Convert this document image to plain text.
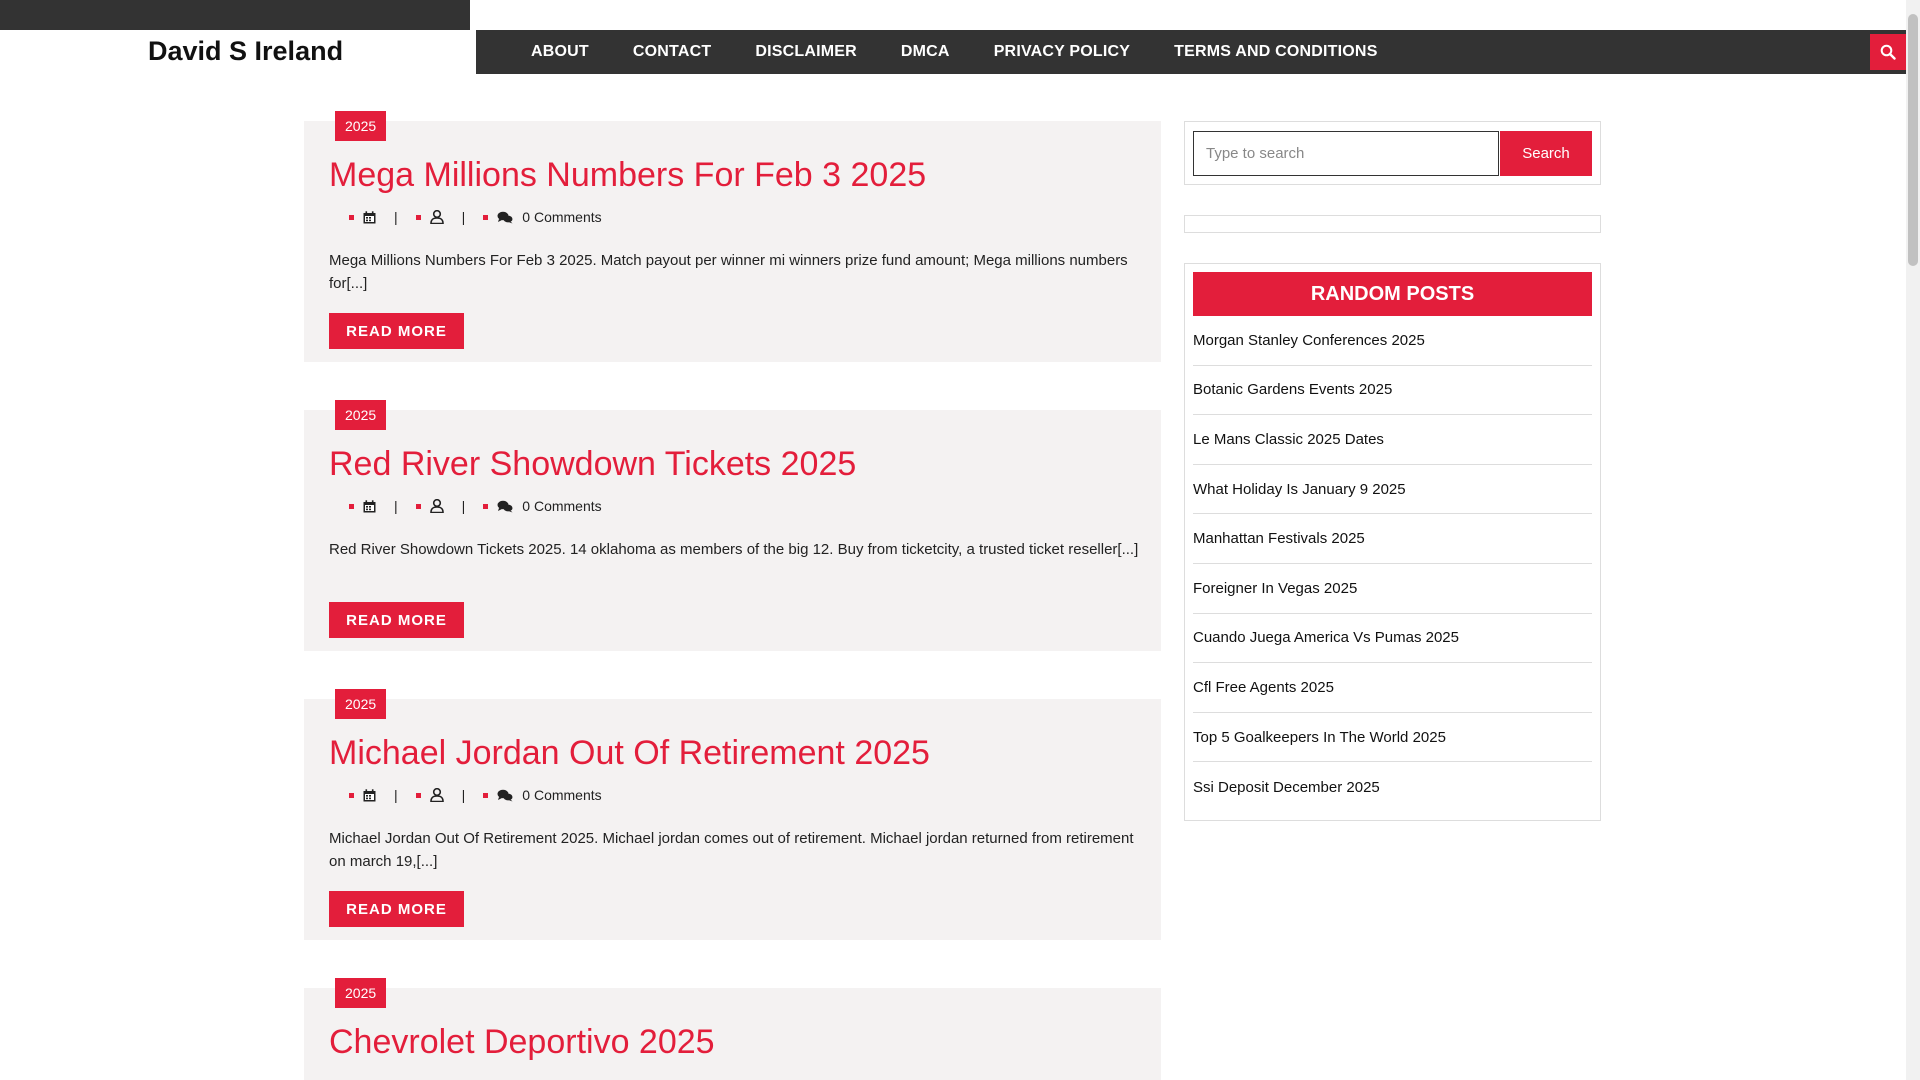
David S Ireland	ABOUT	CONTACT	DISCLAIMER	DMCA	PRIVACY POLICY	TERMS AND CONDITIONS
2025
Mega Millions Numbers For Feb 3 2025
|	|	0 Comments

Mega Millions Numbers For Feb 3 2025. Match payout per winner mi winners prize fund amount; Mega millions numbers for[...]

READ MORE
2025
Red River Showdown Tickets 2025
|	|	0 Comments

Red River Showdown Tickets 2025. 14 oklahoma as members of the big 12. Buy from ticketcity, a trusted ticket reseller[...]

READ MORE
2025
Michael Jordan Out Of Retirement 2025
|	|	0 Comments

Michael Jordan Out Of Retirement 2025. Michael jordan comes out of retirement. Michael jordan returned from retirement on march 19,[...]

READ MORE
2025
Chevrolet Deportivo 2025
Type to search
Search
RANDOM POSTS
Morgan Stanley Conferences 2025
Botanic Gardens Events 2025
Le Mans Classic 2025 Dates
What Holiday Is January 9 2025
Manhattan Festivals 2025
Foreigner In Vegas 2025
Cuando Juega America Vs Pumas 2025
Cfl Free Agents 2025
Top 5 Goalkeepers In The World 2025
Ssi Deposit December 2025
